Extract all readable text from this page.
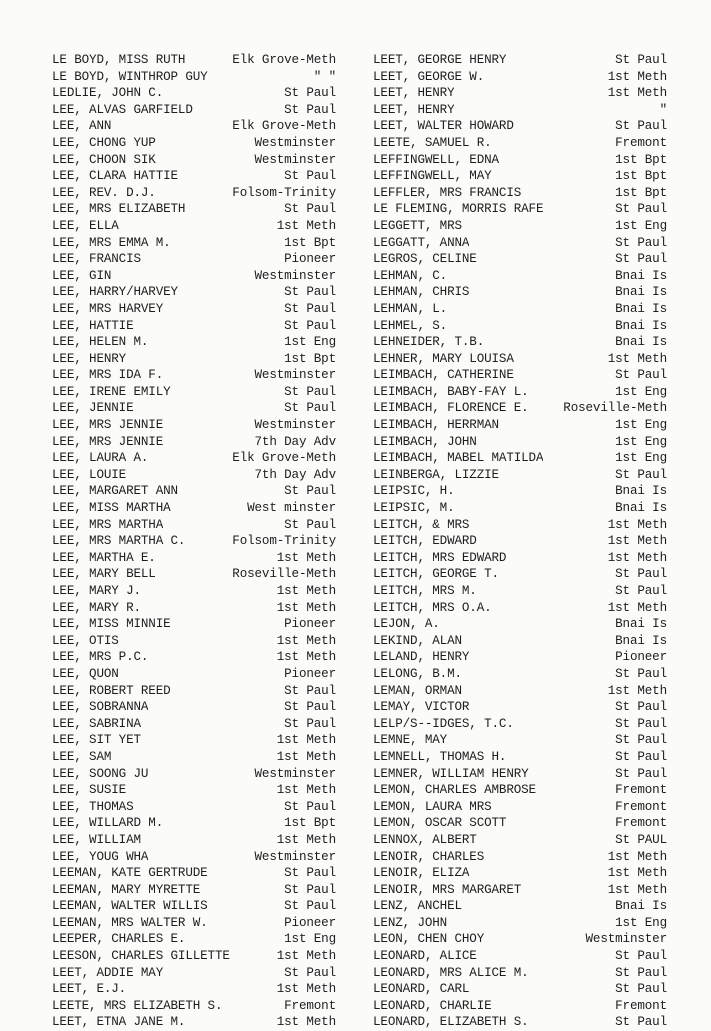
LE BOYD, MISS RUTH	Elk Grove-Meth
LE BOYD, WINTHROP GUY	" "
LEDLIE, JOHN C.	St Paul
LEE, ALVAS GARFIELD	St Paul
LEE, ANN	Elk Grove-Meth
LEE, CHONG YUP	Westminster
LEE, CHOON SIK	Westminster
LEE, CLARA HATTIE	St Paul
LEE, REV. D.J.	Folsom-Trinity
LEE, MRS ELIZABETH	St Paul
LEE, ELLA	1st Meth
LEE, MRS EMMA M.	1st Bpt
LEE, FRANCIS	Pioneer
LEE, GIN	Westminster
LEE, HARRY/HARVEY	St Paul
LEE, MRS HARVEY	St Paul
LEE, HATTIE	St Paul
LEE, HELEN M.	1st Eng
LEE, HENRY	1st Bpt
LEE, MRS IDA F.	Westminster
LEE, IRENE EMILY	St Paul
LEE, JENNIE	St Paul
LEE, MRS JENNIE	Westminster
LEE, MRS JENNIE	7th Day Adv
LEE, LAURA A.	Elk Grove-Meth
LEE, LOUIE	7th Day Adv
LEE, MARGARET ANN	St Paul
LEE, MISS MARTHA	West minster
LEE, MRS MARTHA	St Paul
LEE, MRS MARTHA C.	Folsom-Trinity
LEE, MARTHA E.	1st Meth
LEE, MARY BELL	Roseville-Meth
LEE, MARY J.	1st Meth
LEE, MARY R.	1st Meth
LEE, MISS MINNIE	Pioneer
LEE, OTIS	1st Meth
LEE, MRS P.C.	1st Meth
LEE, QUON	Pioneer
LEE, ROBERT REED	St Paul
LEE, SOBRANNA	St Paul
LEE, SABRINA	St Paul
LEE, SIT YET	1st Meth
LEE, SAM	1st Meth
LEE, SOONG JU	Westminster
LEE, SUSIE	1st Meth
LEE, THOMAS	St Paul
LEE, WILLARD M.	1st Bpt
LEE, WILLIAM	1st Meth
LEE, YOUG WHA	Westminster
LEEMAN, KATE GERTRUDE	St Paul
LEEMAN, MARY MYRETTE	St Paul
LEEMAN, WALTER WILLIS	St Paul
LEEMAN, MRS WALTER W.	Pioneer
LEEPER, CHARLES E.	1st Eng
LEESON, CHARLES GILLETTE	1st Meth
LEET, ADDIE MAY	St Paul
LEET, E.J.	1st Meth
LEETE, MRS ELIZABETH S.	Fremont
LEET, ETNA JANE M.	1st Meth
LEET, GEORGE HENRY	St Paul
LEET, GEORGE W.	1st Meth
LEET, HENRY	1st Meth
LEET, HENRY	"
LEET, WALTER HOWARD	St Paul
LEETE, SAMUEL R.	Fremont
LEFFINGWELL, EDNA	1st Bpt
LEFFINGWELL, MAY	1st Bpt
LEFFLER, MRS FRANCIS	1st Bpt
LE FLEMING, MORRIS RAFE	St Paul
LEGGETT, MRS	1st Eng
LEGGATT, ANNA	St Paul
LEGROS, CELINE	St Paul
LEHMAN, C.	Bnai Is
LEHMAN, CHRIS	Bnai Is
LEHMAN, L.	Bnai Is
LEHMEL, S.	Bnai Is
LEHNEIDER, T.B.	Bnai Is
LEHNER, MARY LOUISA	1st Meth
LEIMBACH, CATHERINE	St Paul
LEIMBACH, BABY-FAY L.	1st Eng
LEIMBACH, FLORENCE E.	Roseville-Meth
LEIMBACH, HERRMAN	1st Eng
LEIMBACH, JOHN	1st Eng
LEIMBACH, MABEL MATILDA	1st Eng
LEINBERGA, LIZZIE	St Paul
LEIPSIC, H.	Bnai Is
LEIPSIC, M.	Bnai Is
LEITCH, & MRS	1st Meth
LEITCH, EDWARD	1st Meth
LEITCH, MRS EDWARD	1st Meth
LEITCH, GEORGE T.	St Paul
LEITCH, MRS M.	St Paul
LEITCH, MRS O.A.	1st Meth
LEJON, A.	Bnai Is
LEKIND, ALAN	Bnai Is
LELAND, HENRY	Pioneer
LELONG, B.M.	St Paul
LEMAN, ORMAN	1st Meth
LEMAY, VICTOR	St Paul
LELP/S--IDGES, T.C.	St Paul
LEMNE, MAY	St Paul
LEMNELL, THOMAS H.	St Paul
LEMNER, WILLIAM HENRY	St Paul
LEMON, CHARLES AMBROSE	Fremont
LEMON, LAURA MRS	Fremont
LEMON, OSCAR SCOTT	Fremont
LENNOX, ALBERT	St PAUL
LENOIR, CHARLES	1st Meth
LENOIR, ELIZA	1st Meth
LENOIR, MRS MARGARET	1st Meth
LENZ, ANCHEL	Bnai Is
LENZ, JOHN	1st Eng
LEON, CHEN CHOY	Westminster
LEONARD, ALICE	St Paul
LEONARD, MRS ALICE M.	St Paul
LEONARD, CARL	St Paul
LEONARD, CHARLIE	Fremont
LEONARD, ELIZABETH S.	St Paul
